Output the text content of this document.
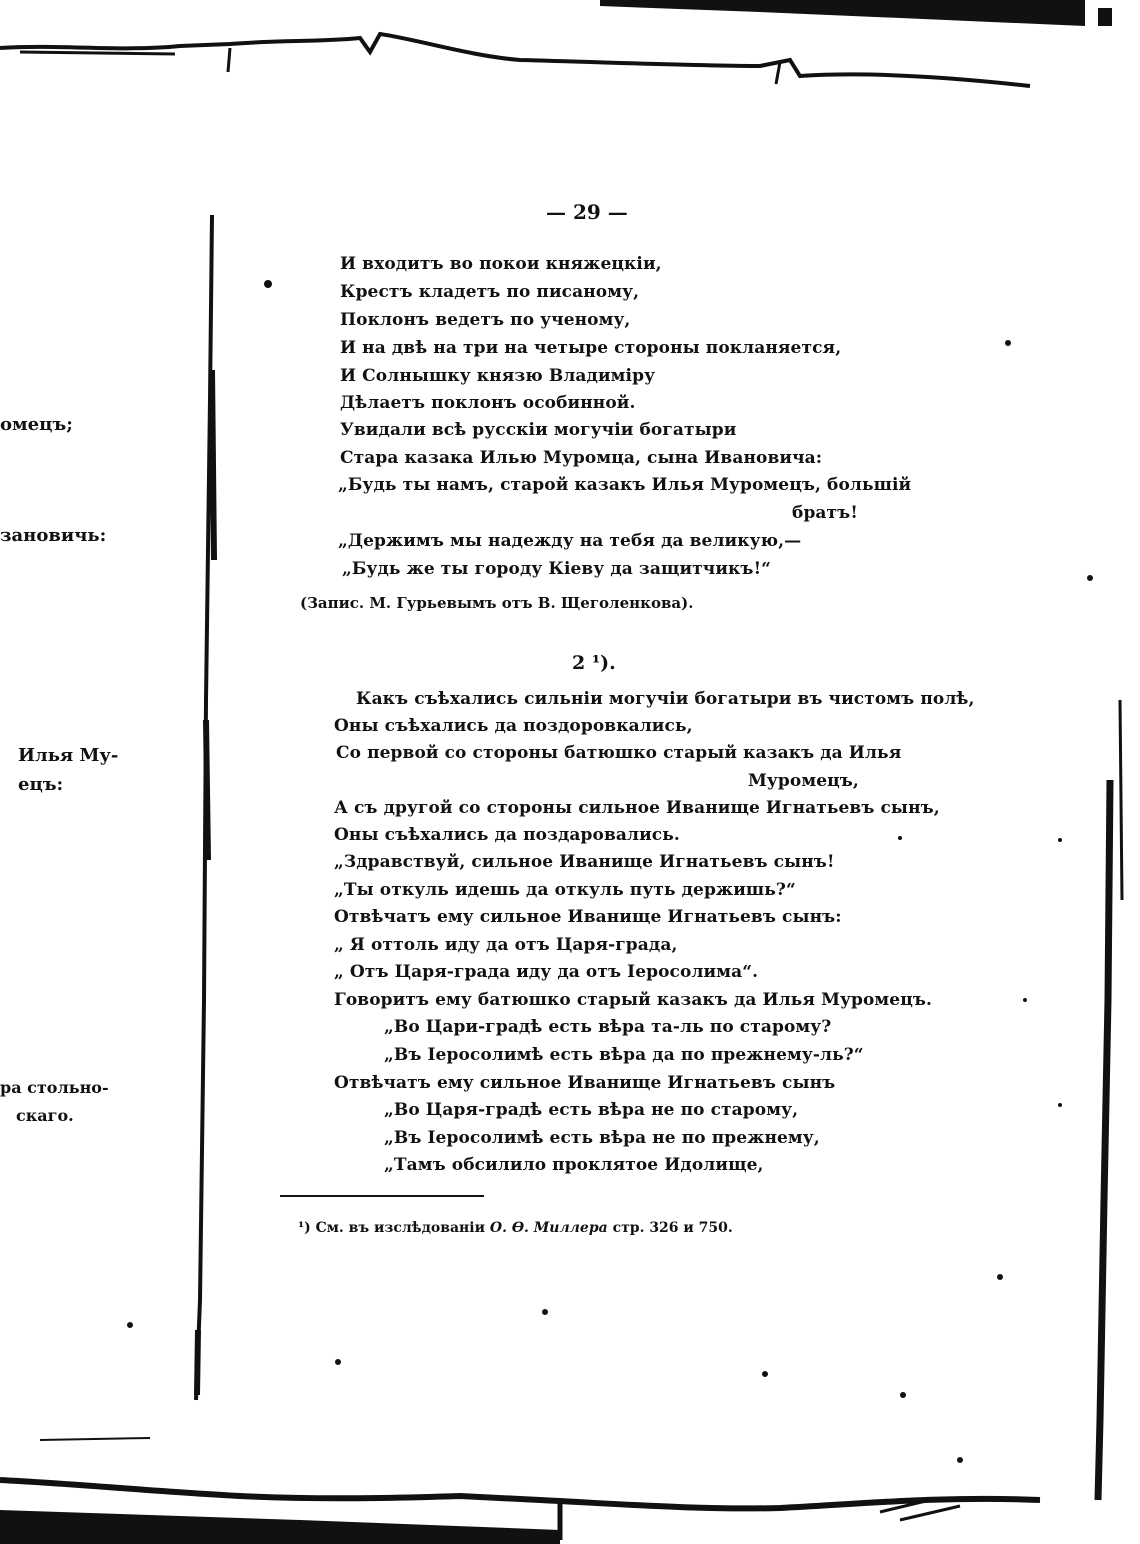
— 29 —
И входитъ во покои княжецкіи,
Крестъ кладетъ по писаному,
Поклонъ ведетъ по ученому,
И на двѣ на три на четыре стороны покланяется,
И Солнышку князю Владиміру
Дѣлаетъ поклонъ особинной.
Увидали всѣ русскіи могучіи богатыри
Стара казака Илью Муромца, сына Ивановича:
„Будь ты намъ, старой казакъ Илья Муромецъ, большій
братъ!
„Держимъ мы надежду на тебя да великую,—
„Будь же ты городу Кіеву да защитчикъ!“
(Запис. М. Гурьевымъ отъ В. Щеголенкова).
2 ¹).
Какъ съѣхались сильніи могучіи богатыри въ чистомъ полѣ,
Оны съѣхались да поздоровкались,
Со первой со стороны батюшко старый казакъ да Илья
Муромецъ,
А съ другой со стороны сильное Иванище Игнатьевъ сынъ,
Оны съѣхались да поздаровались.
„Здравствуй, сильное Иванище Игнатьевъ сынъ!
„Ты откуль идешь да откуль путь держишь?“
Отвѣчатъ ему сильное Иванище Игнатьевъ сынъ:
„ Я оттоль иду да отъ Царя-града,
„ Отъ Царя-града иду да отъ Іеросолима“.
Говоритъ ему батюшко старый казакъ да Илья Муромецъ.
„Во Цари-градѣ есть вѣра та-ль по старому?
„Въ Іеросолимѣ есть вѣра да по прежнему-ль?“
Отвѣчатъ ему сильное Иванище Игнатьевъ сынъ
„Во Царя-градѣ есть вѣра не по старому,
„Въ Іеросолимѣ есть вѣра не по прежнему,
„Тамъ обсилило проклятое Идолище,
¹) См. въ изслѣдованіи О. Ѳ. Миллера стр. 326 и 750.
омецъ;
зановичь:
Илья Му-
ецъ:
ра стольно-
скаго.
